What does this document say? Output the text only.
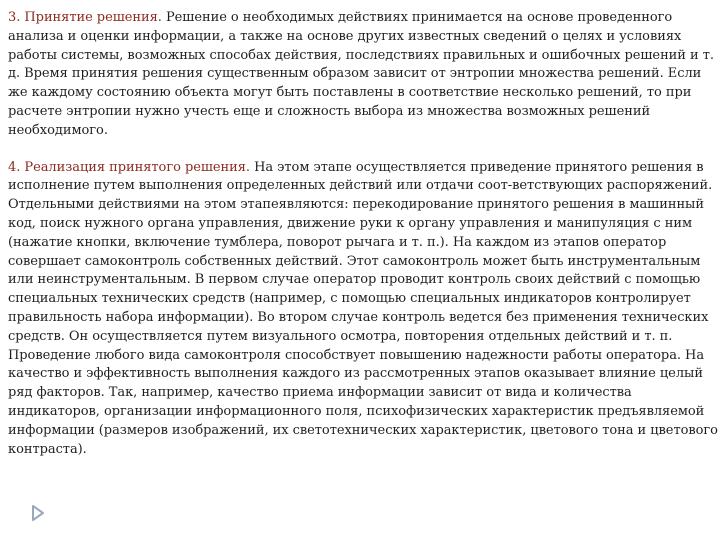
3. Принятие решения. Решение о необходимых действиях принимается на основе проведенного анализа и оценки информации, а также на основе других известных сведений о целях и условиях работы системы, возможных способах действия, последствиях правильных и ошибочных решений и т. д. Время принятия решения существенным образом зависит от энтропии множества решений. Если же каждому состоянию объекта могут быть поставлены в соответствие несколько решений, то при расчете энтропии нужно учесть еще и сложность выбора из множества возможных решений необходимого.

4. Реализация принятого решения. На этом этапе осуществляется приведение принятого решения в исполнение путем выполнения определенных действий или отдачи соот-ветствующих распоряжений. Отдельными действиями на этом этапеявляются: перекодирование принятого решения в машинный код, поиск нужного органа управления, движение руки к органу управления и манипуляция с ним (нажатие кнопки, включение тумблера, поворот рычага и т. п.). На каждом из этапов оператор совершает самоконтроль собственных действий. Этот самоконтроль может быть инструментальным или неинструментальным. В первом случае оператор проводит контроль своих действий с помощью специальных технических средств (например, с помощью специальных индикаторов контролирует правильность набора информации). Во втором случае контроль ведется без применения технических средств. Он осуществляется путем визуального осмотра, повторения отдельных действий и т. п. Проведение любого вида самоконтроля способствует повышению надежности работы оператора. На качество и эффективность выполнения каждого из рассмотренных этапов оказывает влияние целый ряд факторов. Так, например, качество приема информации зависит от вида и количества индикаторов, организации информационного поля, психофизических характеристик предъявляемой информации (размеров изображений, их светотехнических характеристик, цветового тона и цветового контраста).
